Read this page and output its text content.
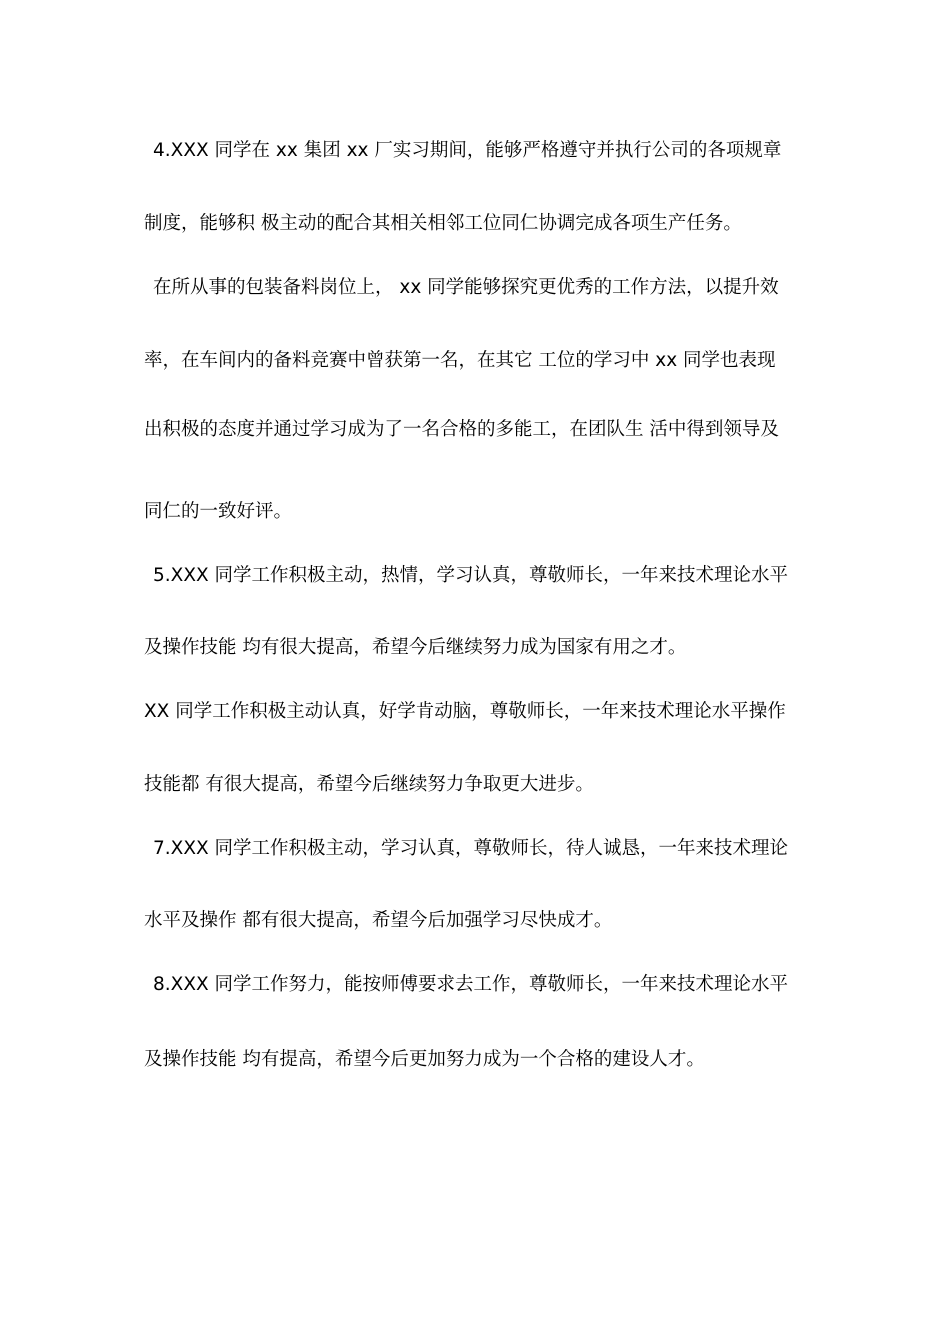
4.XXX 同学在 xx 集团 xx 厂实习期间，能够严格遵守并执行公司的各项规章
制度，能够积 极主动的配合其相关相邻工位同仁协调完成各项生产任务。
在所从事的包装备料岗位上， xx 同学能够探究更优秀的工作方法，以提升效
率，在车间内的备料竞赛中曾获第一名，在其它 工位的学习中 xx 同学也表现
出积极的态度并通过学习成为了一名合格的多能工，在团队生 活中得到领导及
同仁的一致好评。
5.XXX 同学工作积极主动，热情，学习认真，尊敬师长，一年来技术理论水平
及操作技能 均有很大提高，希望今后继续努力成为国家有用之才。
XX 同学工作积极主动认真，好学肯动脑，尊敬师长，一年来技术理论水平操作
技能都 有很大提高，希望今后继续努力争取更大进步。
7.XXX 同学工作积极主动，学习认真，尊敬师长，待人诚恳，一年来技术理论
水平及操作 都有很大提高，希望今后加强学习尽快成才。
8.XXX 同学工作努力，能按师傅要求去工作，尊敬师长，一年来技术理论水平
及操作技能 均有提高，希望今后更加努力成为一个合格的建设人才。
